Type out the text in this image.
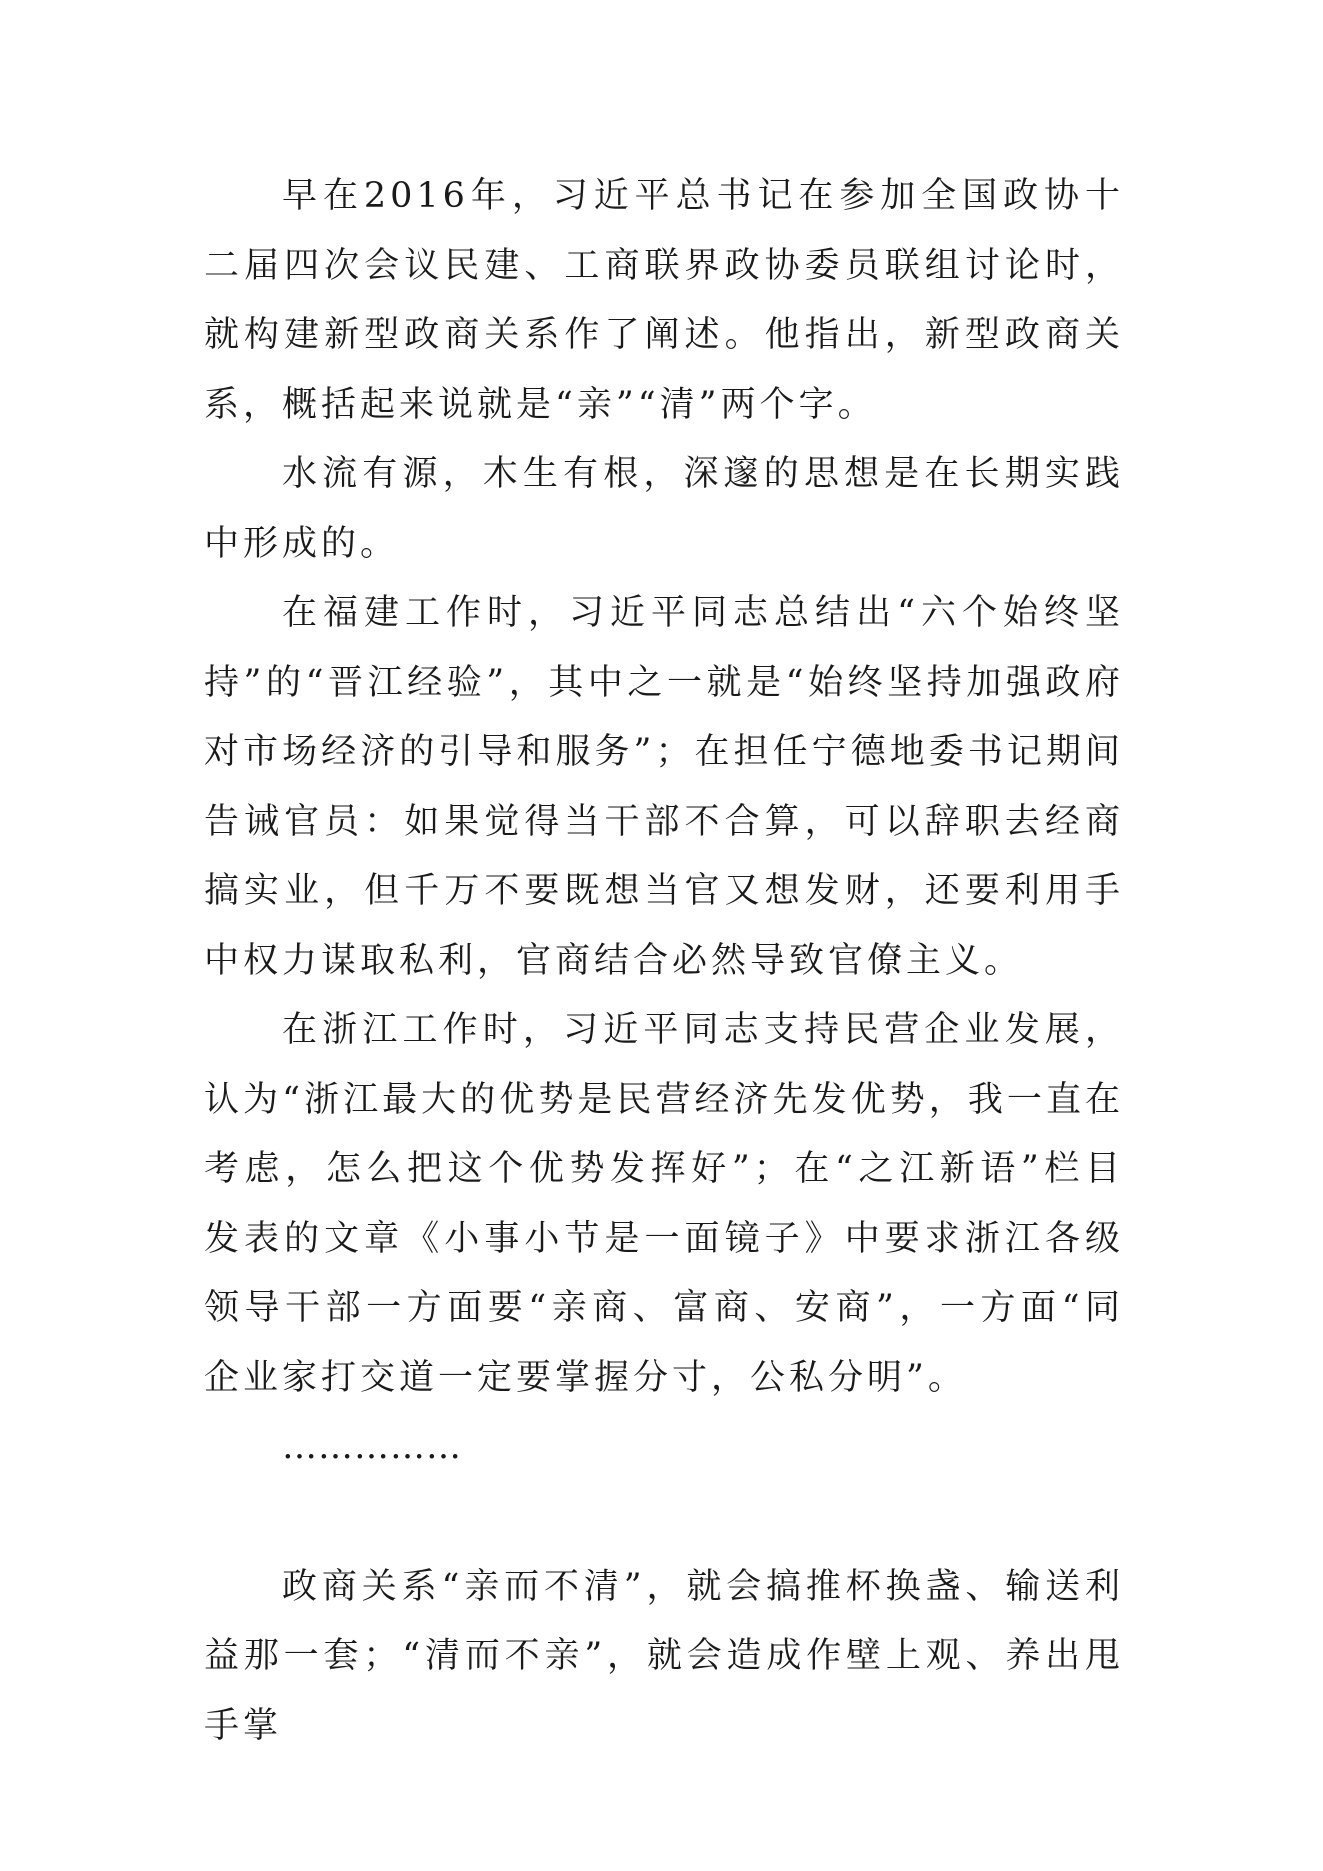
早在2016年，习近平总书记在参加全国政协十二届四次会议民建、工商联界政协委员联组讨论时，就构建新型政商关系作了阐述。他指出，新型政商关系，概括起来说就是“亲”“清”两个字。

水流有源，木生有根，深邃的思想是在长期实践中形成的。

在福建工作时，习近平同志总结出“六个始终坚持”的“晋江经验”，其中之一就是“始终坚持加强政府对市场经济的引导和服务”；在担任宁德地委书记期间告诫官员：如果觉得当干部不合算，可以辞职去经商搞实业，但千万不要既想当官又想发财，还要利用手中权力谋取私利，官商结合必然导致官僚主义。

在浙江工作时，习近平同志支持民营企业发展，认为“浙江最大的优势是民营经济先发优势，我一直在考虑，怎么把这个优势发挥好”；在“之江新语”栏目发表的文章《小事小节是一面镜子》中要求浙江各级领导干部一方面要“亲商、富商、安商”，一方面“同企业家打交道一定要掌握分寸，公私分明”。

……………

政商关系“亲而不清”，就会搞推杯换盏、输送利益那一套；“清而不亲”，就会造成作壁上观、养出甩手掌
